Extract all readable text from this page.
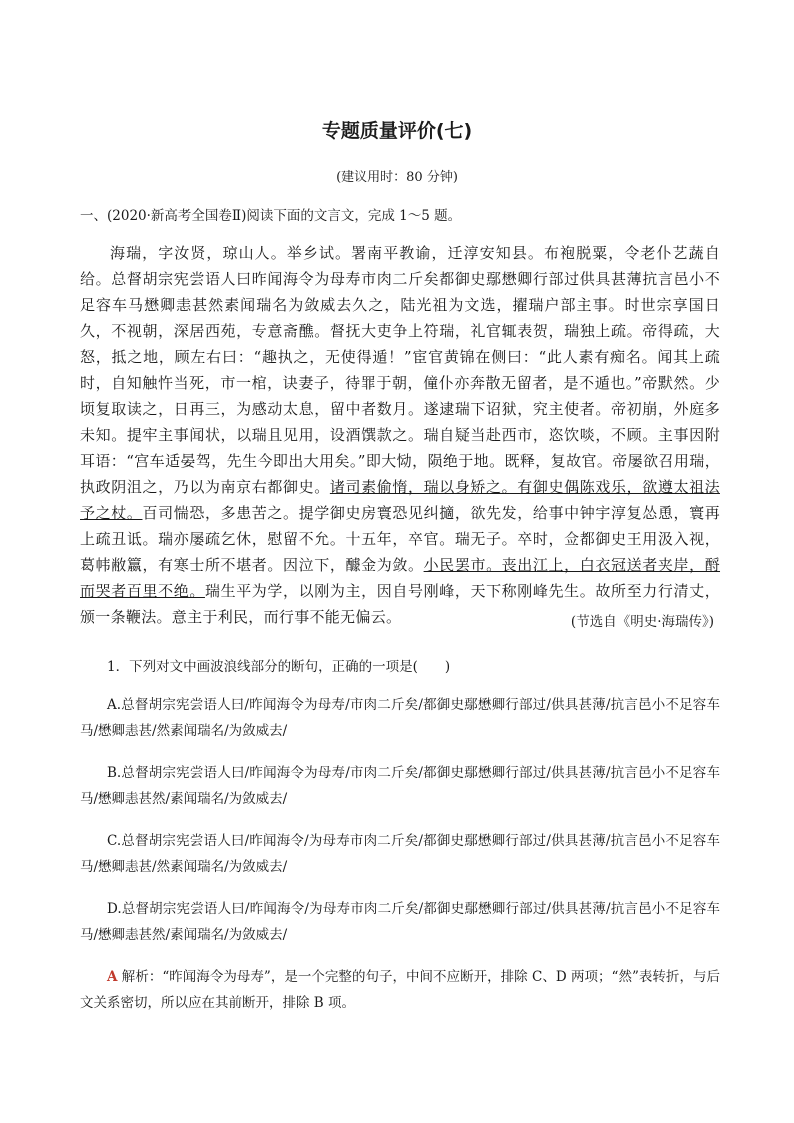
专题质量评价(七)
(建议用时：80 分钟)
一、(2020·新高考全国卷Ⅱ)阅读下面的文言文，完成 1～5 题。
海瑞，字汝贤，琼山人。举乡试。署南平教谕，迁淳安知县。布袍脱粟，令老仆艺蔬自给。总督胡宗宪尝语人曰昨闻海令为母寿市肉二斤矣都御史鄢懋卿行部过供具甚薄抗言邑小不足容车马懋卿恚甚然素闻瑞名为敛威去久之，陆光祖为文选，擢瑞户部主事。时世宗享国日久，不视朝，深居西苑，专意斋醮。督抚大吏争上符瑞，礼官辄表贺，瑞独上疏。帝得疏，大怒，抵之地，顾左右曰：“趣执之，无使得遁！”宦官黄锦在侧曰：“此人素有痴名。闻其上疏时，自知触忤当死，市一棺，诀妻子，待罪于朝，僮仆亦奔散无留者，是不遁也。”帝默然。少顷复取读之，日再三，为感动太息，留中者数月。遂逮瑞下诏狱，究主使者。帝初崩，外庭多未知。提牢主事闻状，以瑞且见用，设酒馔款之。瑞自疑当赴西市，恣饮啖，不顾。主事因附耳语：“宫车适晏驾，先生今即出大用矣。”即大恸，陨绝于地。既释，复故官。帝屡欲召用瑞，执政阴沮之，乃以为南京右都御史。诸司素偷惰，瑞以身矫之。有御史偶陈戏乐，欲遵太祖法予之杖。百司惴恐，多患苦之。提学御史房寰恐见纠擿，欲先发，给事中钟宇淳复怂恿，寰再上疏丑诋。瑞亦屡疏乞休，慰留不允。十五年，卒官。瑞无子。卒时，佥都御史王用汲入视，葛帏敝籝，有寒士所不堪者。因泣下，醵金为敛。小民罢市。丧出江上，白衣冠送者夹岸，酹而哭者百里不绝。瑞生平为学，以刚为主，因自号刚峰，天下称刚峰先生。故所至力行清丈，颁一条鞭法。意主于利民，而行事不能无偏云。	(节选自《明史·海瑞传》)
1．下列对文中画波浪线部分的断句，正确的一项是(　　)
A.总督胡宗宪尝语人曰/昨闻海令为母寿/市肉二斤矣/都御史鄢懋卿行部过/供具甚薄/抗言邑小不足容车马/懋卿恚甚/然素闻瑞名/为敛威去/
B.总督胡宗宪尝语人曰/昨闻海令为母寿/市肉二斤矣/都御史鄢懋卿行部过/供具甚薄/抗言邑小不足容车马/懋卿恚甚然/素闻瑞名/为敛威去/
C.总督胡宗宪尝语人曰/昨闻海令/为母寿市肉二斤矣/都御史鄢懋卿行部过/供具甚薄/抗言邑小不足容车马/懋卿恚甚/然素闻瑞名/为敛威去/
D.总督胡宗宪尝语人曰/昨闻海令/为母寿市肉二斤矣/都御史鄢懋卿行部过/供具甚薄/抗言邑小不足容车马/懋卿恚甚然/素闻瑞名/为敛威去/
A 解析：“昨闻海令为母寿”，是一个完整的句子，中间不应断开，排除 C、D 两项；“然”表转折，与后文关系密切，所以应在其前断开，排除 B 项。
